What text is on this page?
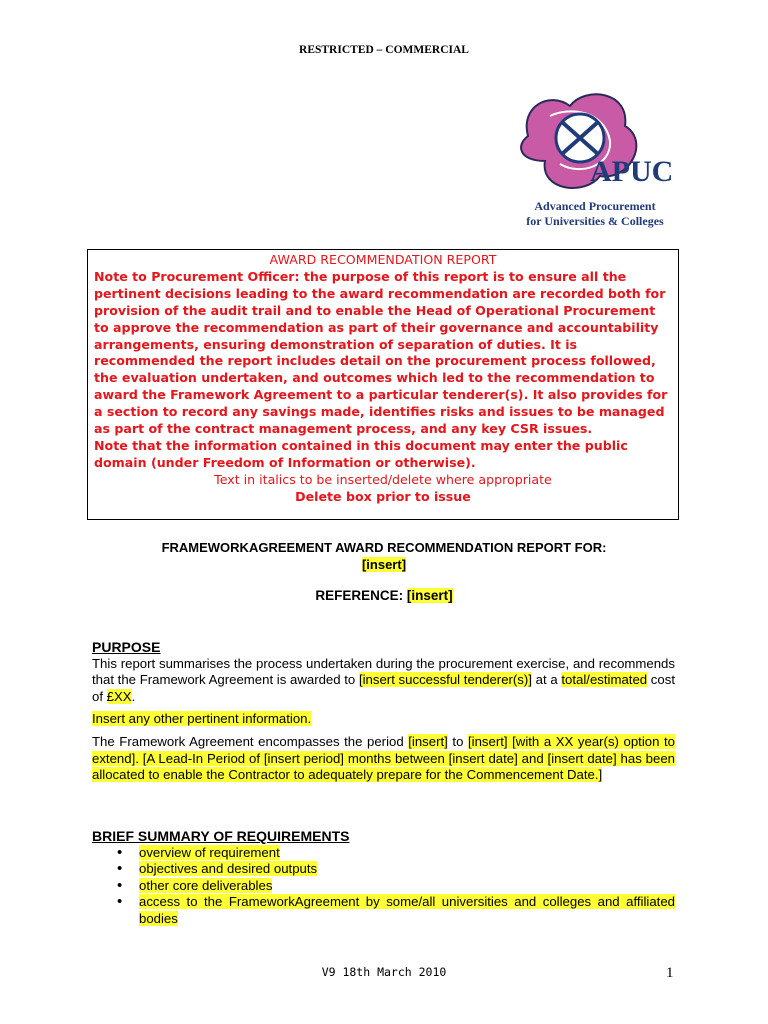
RESTRICTED – COMMERCIAL
APUC
Advanced Procurement
for Universities & Colleges
AWARD RECOMMENDATION REPORT
Note to Procurement Officer: the purpose of this report is to ensure all the pertinent decisions leading to the award recommendation are recorded both for provision of the audit trail and to enable the Head of Operational Procurement to approve the recommendation as part of their governance and accountability arrangements, ensuring demonstration of separation of duties. It is recommended the report includes detail on the procurement process followed, the evaluation undertaken, and outcomes which led to the recommendation to award the Framework Agreement to a particular tenderer(s). It also provides for a section to record any savings made, identifies risks and issues to be managed as part of the contract management process, and any key CSR issues.
Note that the information contained in this document may enter the public domain (under Freedom of Information or otherwise).
Text in italics to be inserted/delete where appropriate
Delete box prior to issue
FRAMEWORKAGREEMENT AWARD RECOMMENDATION REPORT FOR:
[insert]
REFERENCE: [insert]
PURPOSE
This report summarises the process undertaken during the procurement exercise, and recommends that the Framework Agreement is awarded to [insert successful tenderer(s)] at a total/estimated cost of £XX.
Insert any other pertinent information.
The Framework Agreement encompasses the period [insert] to [insert] [with a XX year(s) option to extend]. [A Lead-In Period of [insert period] months between [insert date] and [insert date] has been allocated to enable the Contractor to adequately prepare for the Commencement Date.]
BRIEF SUMMARY OF REQUIREMENTS
• overview of requirement
• objectives and desired outputs
• other core deliverables
• access to the FrameworkAgreement by some/all universities and colleges and affiliated bodies
V9 18th March 2010	1
